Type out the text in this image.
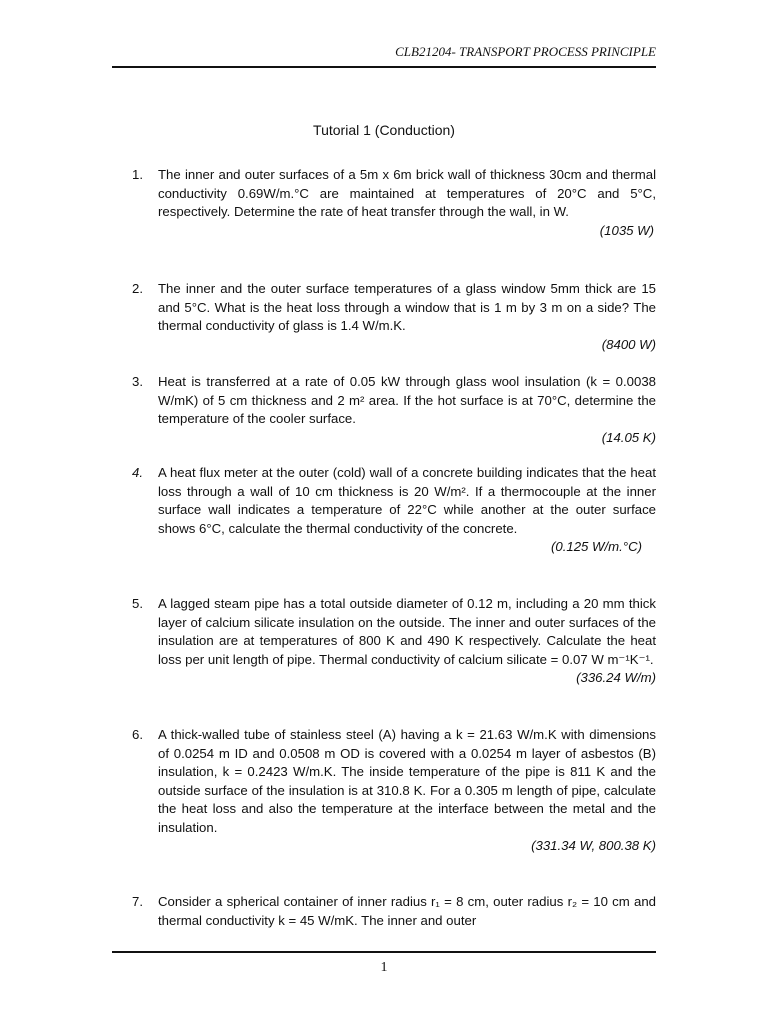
CLB21204- TRANSPORT PROCESS PRINCIPLE
Tutorial 1 (Conduction)
1.	The inner and outer surfaces of a 5m x 6m brick wall of thickness 30cm and thermal conductivity 0.69W/m.°C are maintained at temperatures of 20°C and 5°C, respectively. Determine the rate of heat transfer through the wall, in W.
(1035 W)
2.	The inner and the outer surface temperatures of a glass window 5mm thick are 15 and 5°C. What is the heat loss through a window that is 1 m by 3 m on a side? The thermal conductivity of glass is 1.4 W/m.K.
(8400 W)
3.	Heat is transferred at a rate of 0.05 kW through glass wool insulation (k = 0.0038 W/mK) of 5 cm thickness and 2 m² area. If the hot surface is at 70°C, determine the temperature of the cooler surface.
(14.05 K)
4.	A heat flux meter at the outer (cold) wall of a concrete building indicates that the heat loss through a wall of 10 cm thickness is 20 W/m². If a thermocouple at the inner surface wall indicates a temperature of 22°C while another at the outer surface shows 6°C, calculate the thermal conductivity of the concrete.
(0.125 W/m.°C)
5.	A lagged steam pipe has a total outside diameter of 0.12 m, including a 20 mm thick layer of calcium silicate insulation on the outside. The inner and outer surfaces of the insulation are at temperatures of 800 K and 490 K respectively. Calculate the heat loss per unit length of pipe. Thermal conductivity of calcium silicate = 0.07 W m⁻¹K⁻¹.
(336.24 W/m)
6.	A thick-walled tube of stainless steel (A) having a k = 21.63 W/m.K with dimensions of 0.0254 m ID and 0.0508 m OD is covered with a 0.0254 m layer of asbestos (B) insulation, k = 0.2423 W/m.K. The inside temperature of the pipe is 811 K and the outside surface of the insulation is at 310.8 K. For a 0.305 m length of pipe, calculate the heat loss and also the temperature at the interface between the metal and the insulation.
(331.34 W, 800.38 K)
7.	Consider a spherical container of inner radius r₁ = 8 cm, outer radius r₂ = 10 cm and thermal conductivity k = 45 W/mK. The inner and outer
1
